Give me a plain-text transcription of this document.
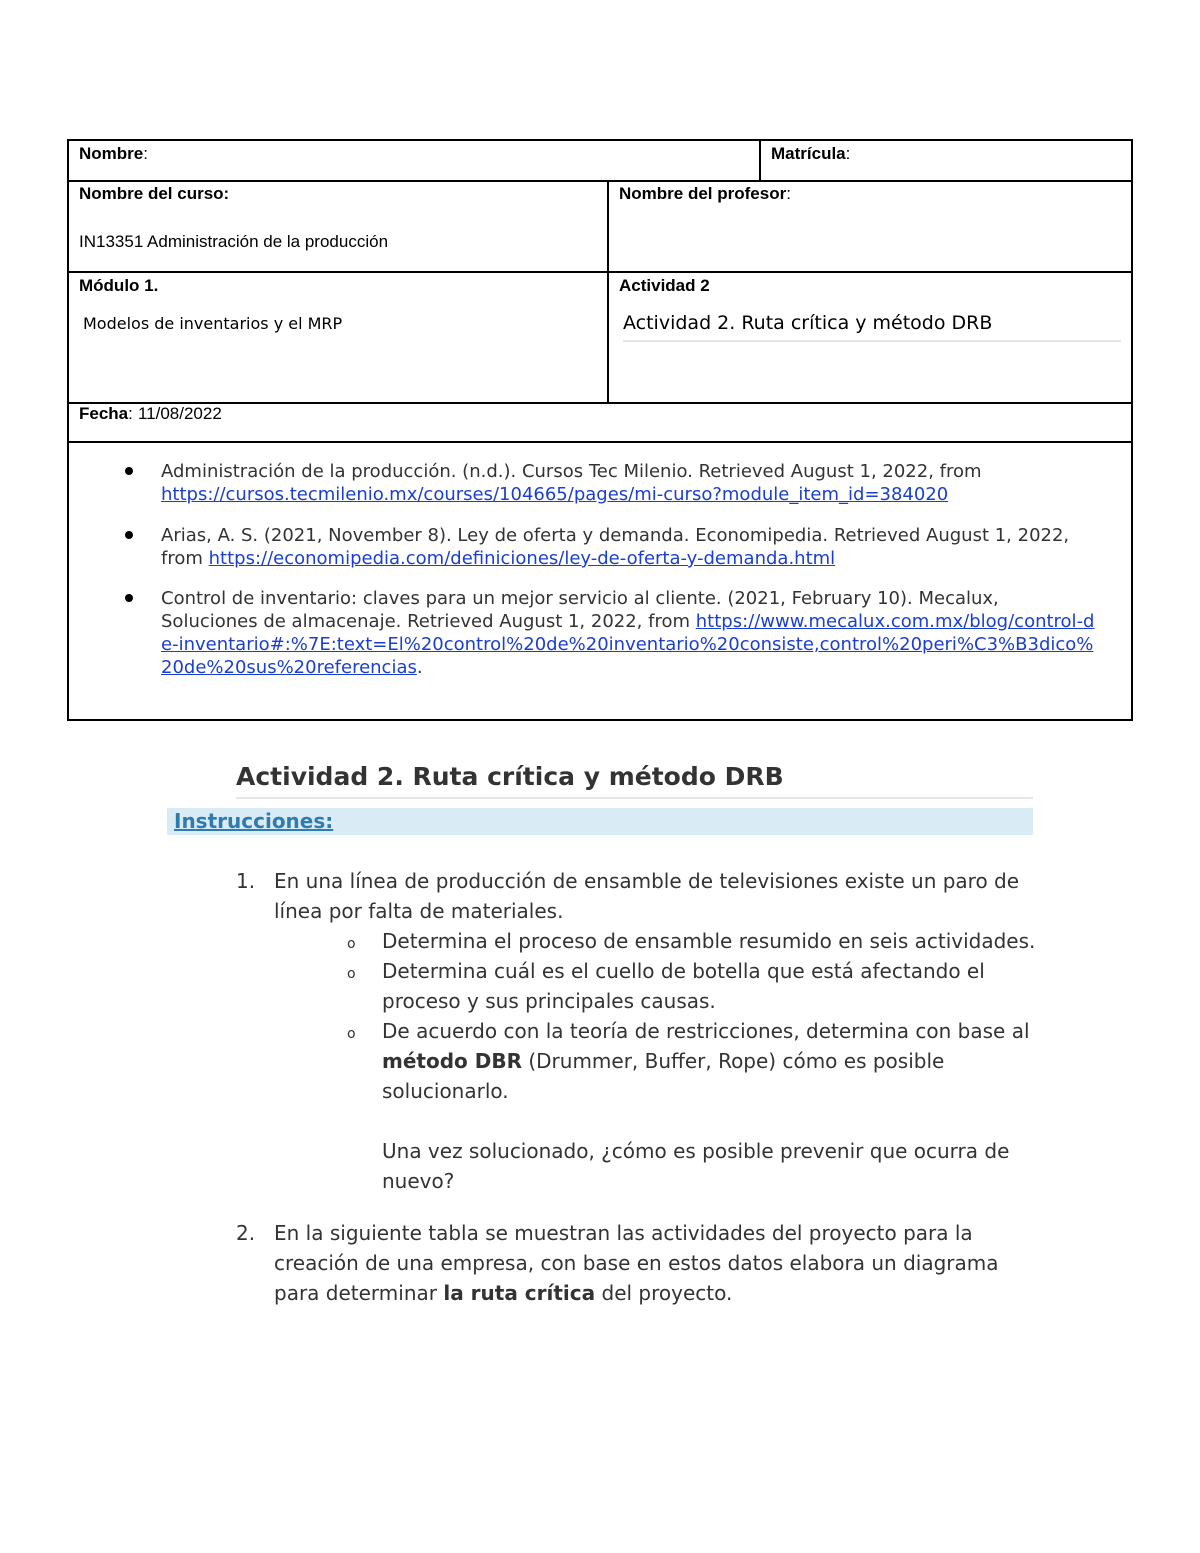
Nombre:	Matrícula:
Nombre del curso:
IN13351 Administración de la producción
Nombre del profesor:
Módulo 1.
Modelos de inventarios y el MRP
Actividad 2
Actividad 2. Ruta crítica y método DRB
Fecha: 11/08/2022
Administración de la producción. (n.d.). Cursos Tec Milenio. Retrieved August 1, 2022, from https://cursos.tecmilenio.mx/courses/104665/pages/mi-curso?module_item_id=384020
Arias, A. S. (2021, November 8). Ley de oferta y demanda. Economipedia. Retrieved August 1, 2022, from https://economipedia.com/definiciones/ley-de-oferta-y-demanda.html
Control de inventario: claves para un mejor servicio al cliente. (2021, February 10). Mecalux, Soluciones de almacenaje. Retrieved August 1, 2022, from https://www.mecalux.com.mx/blog/control-de-inventario#:%7E:text=El%20control%20de%20inventario%20consiste,control%20peri%C3%B3dico%20de%20sus%20referencias.
Actividad 2. Ruta crítica y método DRB
Instrucciones:
1. En una línea de producción de ensamble de televisiones existe un paro de línea por falta de materiales.
o Determina el proceso de ensamble resumido en seis actividades.
o Determina cuál es el cuello de botella que está afectando el proceso y sus principales causas.
o De acuerdo con la teoría de restricciones, determina con base al método DBR (Drummer, Buffer, Rope) cómo es posible solucionarlo.
Una vez solucionado, ¿cómo es posible prevenir que ocurra de nuevo?
2. En la siguiente tabla se muestran las actividades del proyecto para la creación de una empresa, con base en estos datos elabora un diagrama para determinar la ruta crítica del proyecto.
